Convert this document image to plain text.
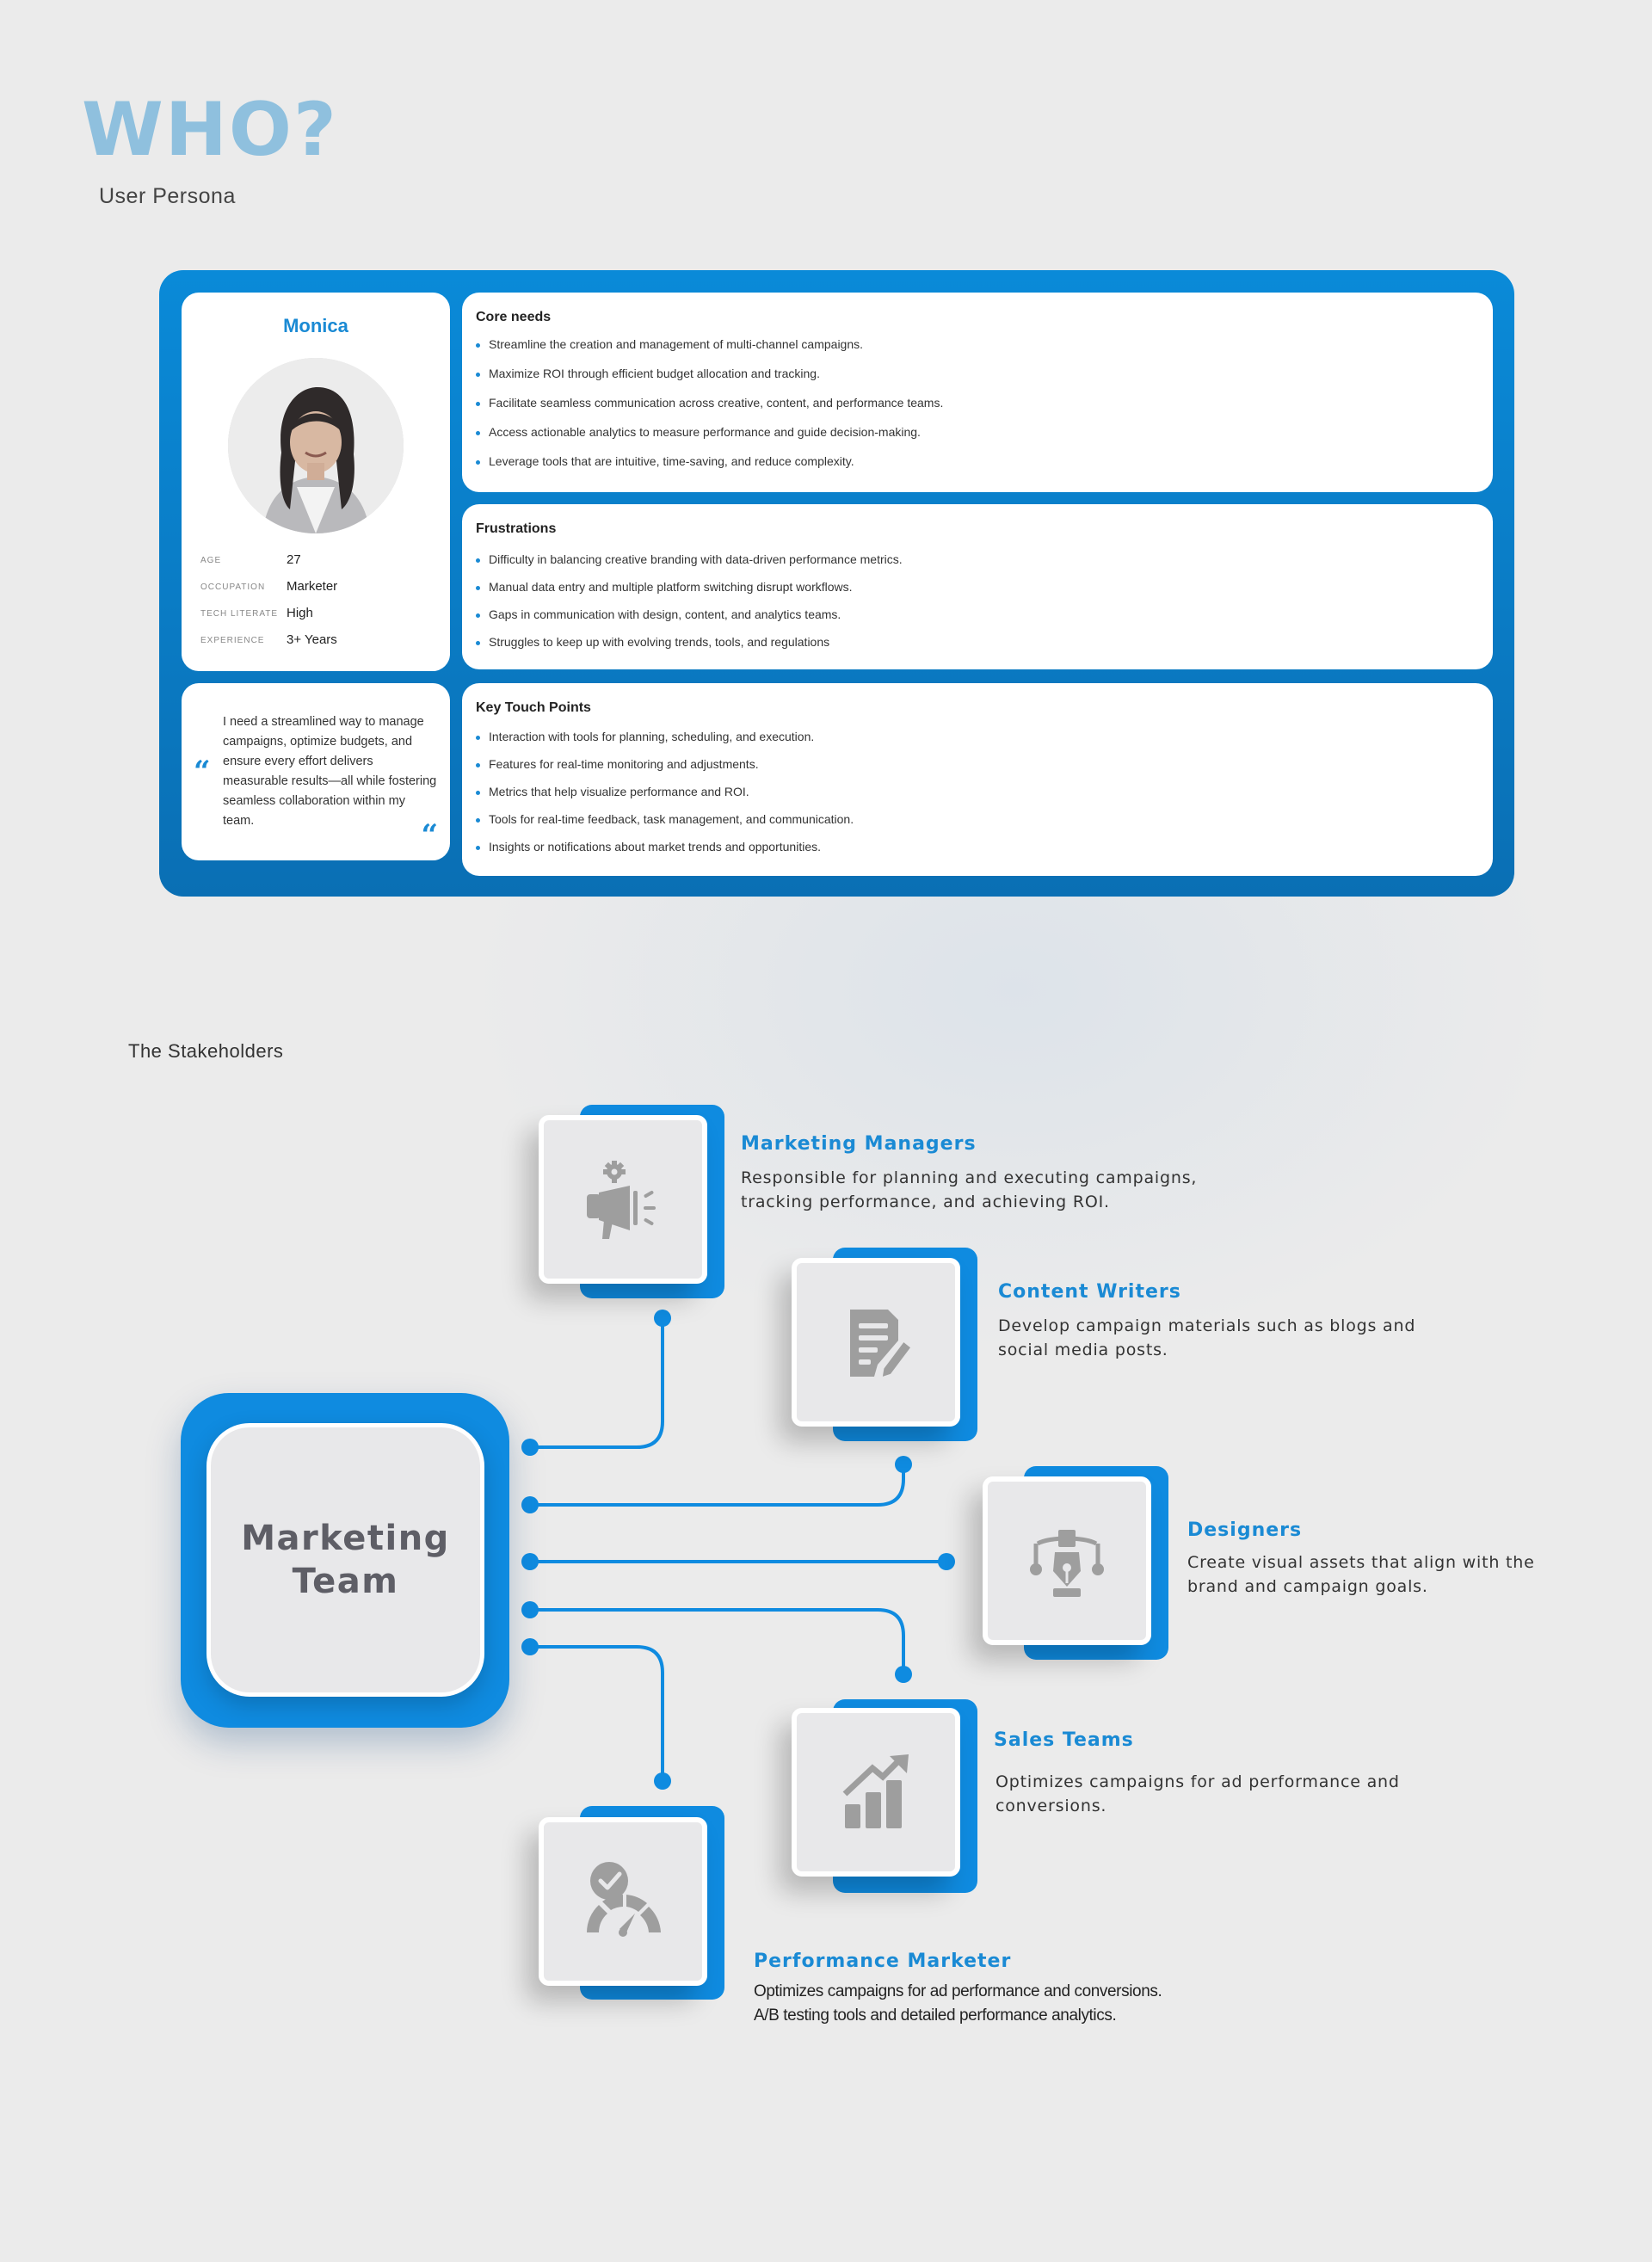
WHO?
User Persona
Monica
AGE	27
OCCUPATION	Marketer
TECH LITERATE High
EXPERIENCE	3+ Years
“
I need a streamlined way to manage campaigns, optimize budgets, and ensure every effort delivers measurable results—all while fostering seamless collaboration within my team.	“
Core needs
Streamline the creation and management of multi-channel campaigns.
Maximize ROI through efficient budget allocation and tracking.
Facilitate seamless communication across creative, content, and performance teams.
Access actionable analytics to measure performance and guide decision-making.
Leverage tools that are intuitive, time-saving, and reduce complexity.
Frustrations
Difficulty in balancing creative branding with data-driven performance metrics.
Manual data entry and multiple platform switching disrupt workflows.
Gaps in communication with design, content, and analytics teams.
Struggles to keep up with evolving trends, tools, and regulations
Key Touch Points
Interaction with tools for planning, scheduling, and execution.
Features for real-time monitoring and adjustments.
Metrics that help visualize performance and ROI.
Tools for real-time feedback, task management, and communication.
Insights or notifications about market trends and opportunities.
The Stakeholders
Marketing Team
Marketing Managers
Responsible for planning and executing campaigns,
tracking performance, and achieving ROI.
Content Writers
Develop campaign materials such as blogs and
social media posts.
Designers
Create visual assets that align with the
brand and campaign goals.
Sales Teams
Optimizes campaigns for ad performance and
conversions.
Performance Marketer
Optimizes campaigns for ad performance and conversions.
A/B testing tools and detailed performance analytics.
